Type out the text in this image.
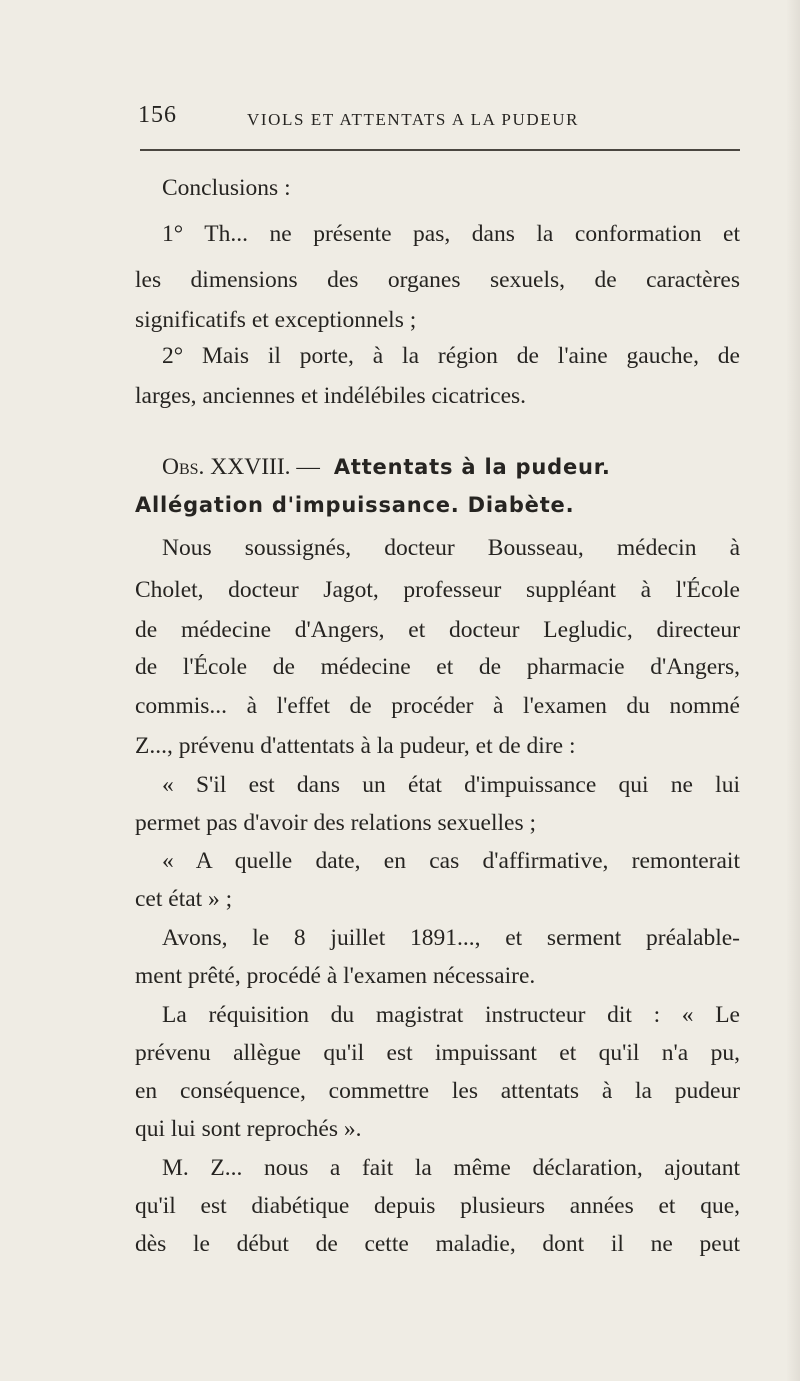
156	VIOLS ET ATTENTATS A LA PUDEUR
Conclusions :
1° Th... ne présente pas, dans la conformation et
les dimensions des organes sexuels, de caractères
significatifs et exceptionnels ;
2° Mais il porte, à la région de l'aine gauche, de
larges, anciennes et indélébiles cicatrices.
Obs. XXVIII. — Attentats à la pudeur.
Allégation d'impuissance. Diabète.
Nous soussignés, docteur Bousseau, médecin à
Cholet, docteur Jagot, professeur suppléant à l'École
de médecine d'Angers, et docteur Legludic, directeur
de l'École de médecine et de pharmacie d'Angers,
commis... à l'effet de procéder à l'examen du nommé
Z..., prévenu d'attentats à la pudeur, et de dire :
« S'il est dans un état d'impuissance qui ne lui
permet pas d'avoir des relations sexuelles ;
« A quelle date, en cas d'affirmative, remonterait
cet état » ;
Avons, le 8 juillet 1891..., et serment préalable-
ment prêté, procédé à l'examen nécessaire.
La réquisition du magistrat instructeur dit : « Le
prévenu allègue qu'il est impuissant et qu'il n'a pu,
en conséquence, commettre les attentats à la pudeur
qui lui sont reprochés ».
M. Z... nous a fait la même déclaration, ajoutant
qu'il est diabétique depuis plusieurs années et que,
dès le début de cette maladie, dont il ne peut
